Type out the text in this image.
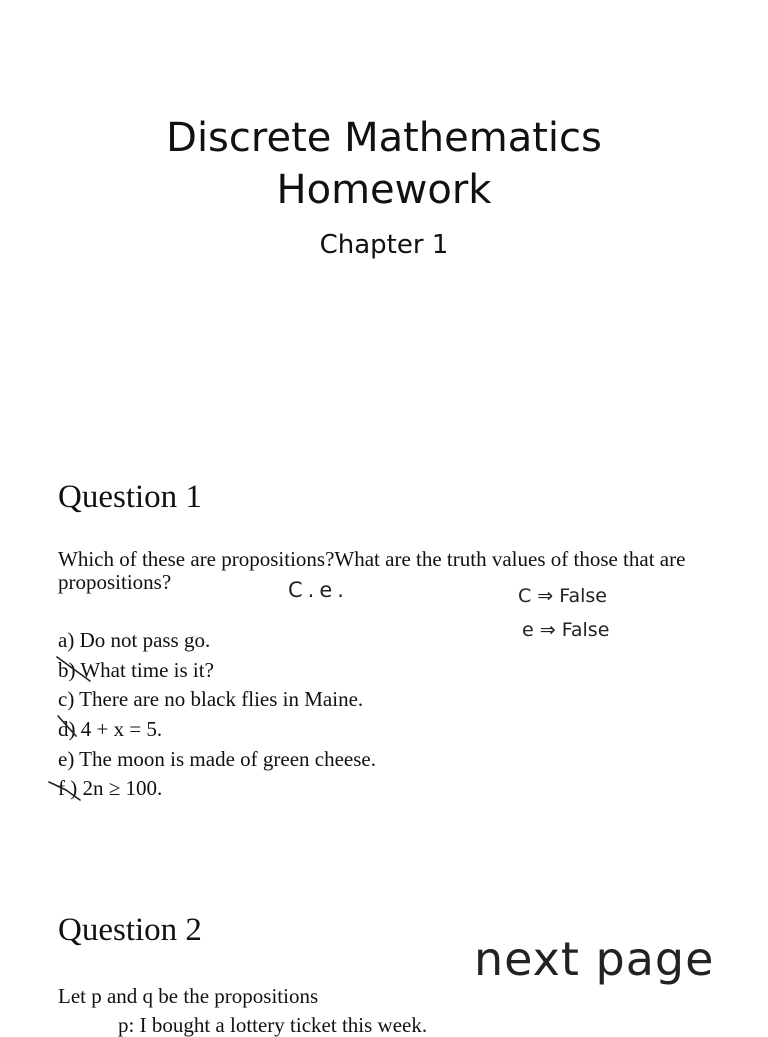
Discrete Mathematics
Homework
Chapter 1
Question 1
Which of these are propositions?What are the truth values of those that are propositions?
a) Do not pass go.
b) What time is it?
c) There are no black flies in Maine.
d) 4 + x = 5.
e) The moon is made of green cheese.
f ) 2n ≥ 100.
Question 2
Let p and q be the propositions
p: I bought a lottery ticket this week.
C.e.	C ⇒ False
e ⇒ False
next page
